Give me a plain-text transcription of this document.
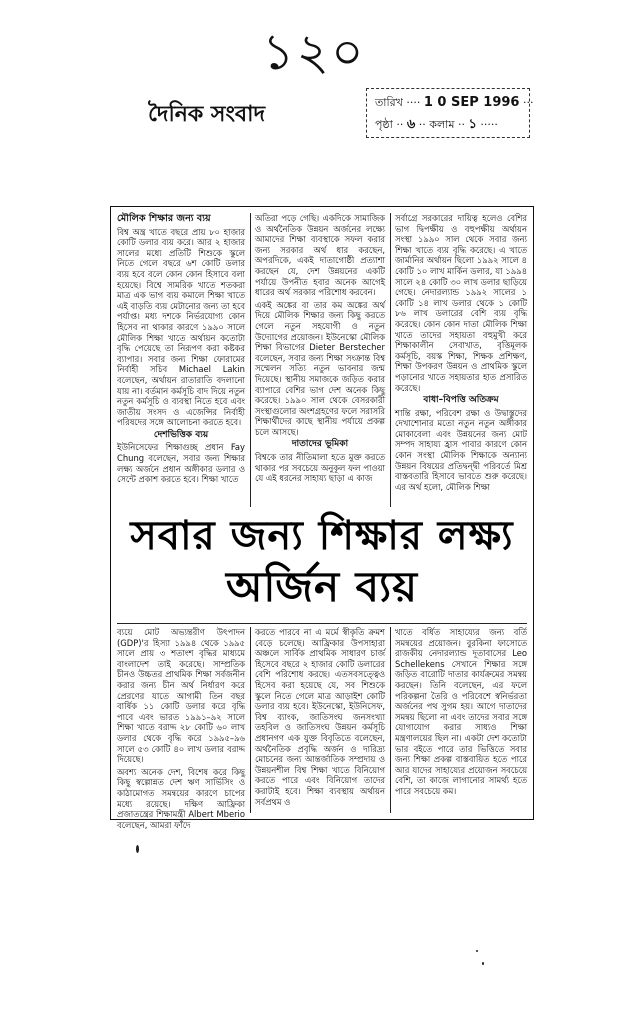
১২০
দৈনিক সংবাদ	তারিখ ···· 1 0 SEP 1996 ···
পৃষ্ঠা ·· ৬ ·· কলাম ·· ১ ·····
মৌলিক শিক্ষার জন্য ব্যয়

বিশ্ব অন্ত্র খাতে বছরে প্রায় ৮০ হাজার কোটি ডলার ব্যয় করে। আর ২ হাজার সালের মধ্যে প্রতিটি শিশুকে স্কুলে নিতে গেলে বছরে ৬শ কোটি ডলার ব্যয় হবে বলে কোন কোন হিসাবে বলা হয়েছে। বিশ্বে সামরিক খাতে শতকরা মাত্র এক ভাগ ব্যয় কমালে শিক্ষা খাতে এই বাড়তি ব্যয় মেটানোর জন্য তা হবে পর্যাপ্ত। মধ্য দশকে নির্ভরযোগ্য কোন হিসেব না থাকার কারণে ১৯৯০ সালে মৌলিক শিক্ষা খাতে অর্থায়ন কতোটা বৃদ্ধি পেয়েছে তা নিরূপণ করা কষ্টকর ব্যাপার। সবার জন্য শিক্ষা ফোরামের নির্বাহী সচিব Michael Lakin বলেছেন, অর্থায়ন রাতারাতি বদলানো যায় না। বর্তমান কর্মসূচি বাদ দিয়ে নতুন নতুন কর্মসূচি ও ব্যবস্থা নিতে হবে এবং জাতীয় সংসদ ও এজেন্সির নির্বাহী পরিষদের সঙ্গে আলোচনা করতে হবে।

দেশভিত্তিক ব্যয়

ইউনিসেফের শিক্ষাগুচ্ছ প্রধান Fay Chung বলেছেন, সবার জন্য শিক্ষার লক্ষ্য অর্জনে প্রধান অঙ্গীকার ডলার ও সেন্টে প্রকাশ করতে হবে। শিক্ষা খাতে

অতিরা পড়ে গেছি। একদিকে সামাজিক ও অর্থনৈতিক উন্নয়ন অর্জনের লক্ষ্যে আমাদের শিক্ষা ব্যবস্থাকে সফল করার জন্য সরকার অর্থ ধার করছেন, অপরদিকে, একই দাতাগোষ্ঠী প্রত্যাশা করছেন যে, দেশ উন্নয়নের একটি পর্যায়ে উপনীত হবার অনেক আগেই ধারের অর্থ সরকার পরিশোধ করবেন।

একই অঙ্কের বা তার কম অঙ্কের অর্থ দিয়ে মৌলিক শিক্ষার জন্য কিছু করতে গেলে নতুন সহযোগী ও নতুন উদ্যোগের প্রয়োজন। ইউনেস্কো মৌলিক শিক্ষা বিভাগের Dieter Berstecher বলেছেন, সবার জন্য শিক্ষা সংক্রান্ত বিশ্ব সম্মেলন সত্যি নতুন ভাবনার জন্ম দিয়েছে। স্থানীয় সমাজকে জড়িত করার ব্যাপারে বেশির ভাগ দেশ অনেক কিছু করেছে। ১৯৯০ সাল থেকে বেসরকারী সংস্থাগুলোর অংশগ্রহণের ফলে সরাসরি শিক্ষার্থীদের কাছে স্থানীয় পর্যায়ে প্রকল্প চলে আসছে।

দাতাদের ভূমিকা

বিশ্বকে তার নীতিমালা হতে মুক্ত করতে থাকার পর সবচেয়ে অনুকূল ফল পাওয়া যে এই ধরনের সাহায্য ছাড়া এ কাজ

সর্বাগ্রে সরকারের দায়িত্ব হলেও বেশির ভাগ দ্বিপক্ষীয় ও বহুপক্ষীয় অর্থায়ন সংস্থা ১৯৯০ সাল থেকে সবার জন্য শিক্ষা খাতে ব্যয় বৃদ্ধি করেছে। এ খাতে জার্মানির অর্থায়ন ছিলো ১৯৯২ সালে ৪ কোটি ১০ লাখ মার্কিন ডলার, যা ১৯৯৪ সালে ২৪ কোটি ৩০ লাখ ডলার ছাড়িয়ে গেছে। নেদারল্যান্ড ১৯৯২ সালের ১ কোটি ১৪ লাখ ডলার থেকে ১ কোটি ৮৬ লাখ ডলারের বেশি ব্যয় বৃদ্ধি করেছে। কোন কোন দাতা মৌলিক শিক্ষা খাতে তাদের সহায়তা বহুমুখী করে শিক্ষাকালীন সেবাখাত, বৃত্তিমূলক কর্মসূচি, বয়স্ক শিক্ষা, শিক্ষক প্রশিক্ষণ, শিক্ষা উপকরণ উন্নয়ন ও প্রাথমিক স্কুলে পড়ানোর খাতে সহায়তার হাত প্রসারিত করেছে।

বাধা–বিপত্তি অতিক্রম

শান্তি রক্ষা, পরিবেশ রক্ষা ও উদ্বাস্তুদের দেখাশোনার মতো নতুন নতুন অঙ্গীকার মোকাবেলা এবং উন্নয়নের জন্য মোট সম্পদ সাহায্য হ্রাস পাবার কারণে কোন কোন সংস্থা মৌলিক শিক্ষাকে অন্যান্য উন্নয়ন বিষয়ের প্রতিদ্বন্দ্বী পরিবর্তে মিশ্র বাস্তবতারি হিসাবে ভাবতে শুরু করেছে। এর অর্থ হলো, মৌলিক শিক্ষা

সবার জন্য শিক্ষার লক্ষ্য
অর্জিন ব্যয়

ব্যয়ে মোট অভ্যন্তরীণ উৎপাদন (GDP)'র হিস্যা ১৯৯৪ থেকে ১৯৯৫ সালে প্রায় ৩ শতাংশ বৃদ্ধির মাধ্যমে বাংলাদেশ তাই করেছে। সাম্প্রতিক চীনও উচ্চতর প্রাথমিক শিক্ষা সর্বজনীন করার জন্য চীন অর্থ নির্ধারণ করে প্রেরণের যাতে আগামী তিন বছর বার্ষিক ১১ কোটি ডলার করে বৃদ্ধি পাবে এবং ভারত ১৯৯১–৯২ সালে শিক্ষা খাতে বরাদ্দ ২৮ কোটি ৬০ লাখ ডলার থেকে বৃদ্ধি করে ১৯৯৫–৯৬ সালে ৫৩ কোটি ৪০ লাখ ডলার বরাদ্দ দিয়েছে।

অবশ্য অনেক দেশ, বিশেষ করে কিছু কিছু স্বল্পোন্নত দেশ ঋণ সার্ভিসিং ও কাঠামোগত সমন্বয়ের কারণে চাপের মধ্যে রয়েছে। দক্ষিণ আফ্রিকা প্রজাতন্ত্রের শিক্ষামন্ত্রী Albert Mberio বলেছেন, আমরা ফাঁদে

করতে পারবে না এ মর্মে স্বীকৃতি ক্রমশ বেড়ে চলেছে। আফ্রিকার উপসাহারা অঞ্চলে সার্বিক প্রাথমিক সাধারণ চার্জ হিসেবে বছরে ২ হাজার কোটি ডলারের বেশি পরিশোধ করছে। এতসবসত্ত্বেও হিসেব করা হয়েছে যে, সব শিশুকে স্কুলে নিতে গেলে মাত্র আড়াইশ কোটি ডলার ব্যয় হবে। ইউনেস্কো, ইউনিসেফ, বিশ্ব ব্যাংক, জাতিসংঘ জনসংখ্যা তহবিল ও জাতিসংঘ উন্নয়ন কর্মসূচি প্রধানগণ এক যুক্ত বিবৃতিতে বলেছেন, অর্থনৈতিক প্রবৃদ্ধি অর্জন ও দারিদ্র্য মোচনের জন্য আন্তর্জাতিক সম্প্রদায় ও উন্নয়নশীল বিশ্ব শিক্ষা খাতে বিনিয়োগ করতে পারে এবং বিনিয়োগ তাদের করাটাই হবে। শিক্ষা ব্যবস্থায় অর্থায়ন সর্বপ্রথম ও

খাতে বর্ধিত সাহায্যের জন্য বর্তি সমন্বয়ের প্রয়োজন। বুরকিনা ফাসোতে রাজকীয় নেদারল্যান্ড দূতাবাসের Leo Schellekens সেখানে শিক্ষার সঙ্গে জড়িত বারোটি দাতার কার্যক্রমের সমন্বয় করছেন। তিনি বলেছেন, এর ফলে পরিকল্পনা তৈরি ও পরিবেশে স্বনির্ভরতা অর্জনের পথ সুগম হয়। আগে দাতাদের সমন্বয় ছিলো না এবং তাদের সবার সঙ্গে যোগাযোগ করার সাধ্যও শিক্ষা মন্ত্রণালয়ের ছিল না। একটা দেশ কতোটা ভার বইতে পারে তার ভিত্তিতে সবার জন্য শিক্ষা প্রকল্প বাস্তবায়িত হতে পারে আর যাদের সাহায্যের প্রয়োজন সবচেয়ে বেশি, তা কাজে লাগানোর সামর্থ্য হতে পারে সবচেয়ে কম।
